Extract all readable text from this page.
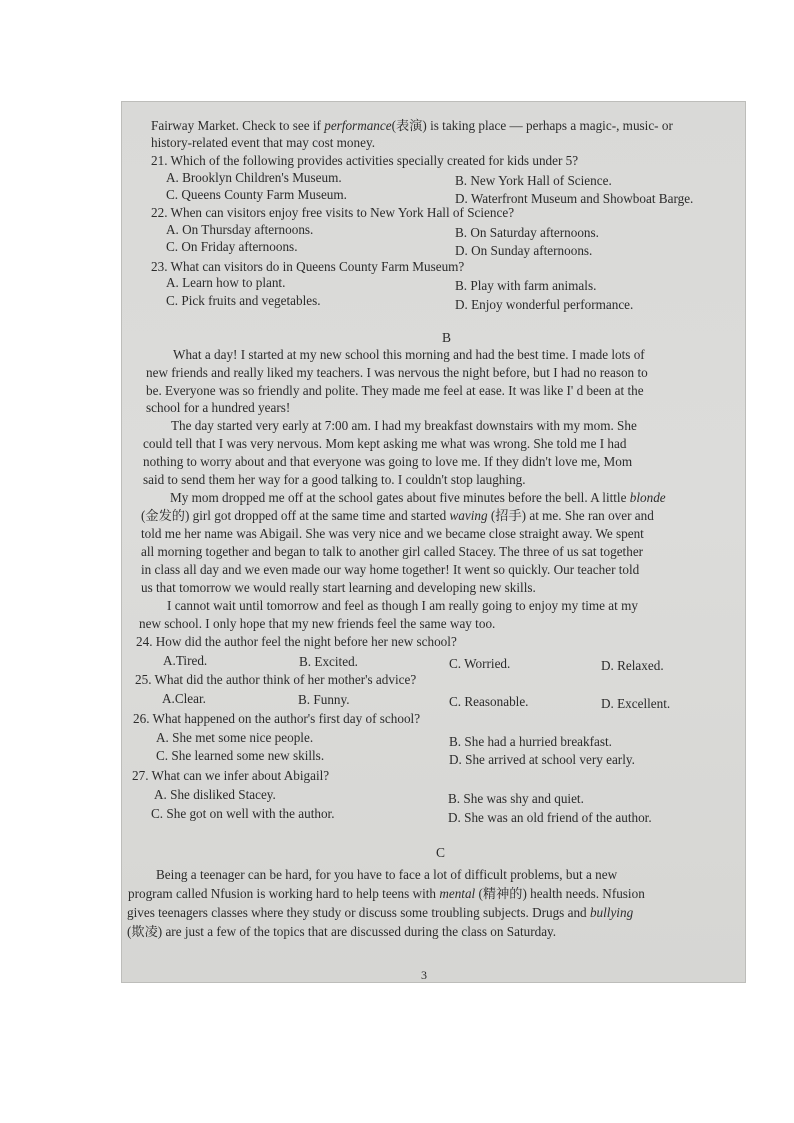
Fairway Market. Check to see if performance(表演) is taking place — perhaps a magic-, music- or
history-related event that may cost money.
21. Which of the following provides activities specially created for kids under 5?
A. Brooklyn Children's Museum.	B. New York Hall of Science.
C. Queens County Farm Museum.	D. Waterfront Museum and Showboat Barge.
22. When can visitors enjoy free visits to New York Hall of Science?
A. On Thursday afternoons.	B. On Saturday afternoons.
C. On Friday afternoons.	D. On Sunday afternoons.
23. What can visitors do in Queens County Farm Museum?
A. Learn how to plant.	B. Play with farm animals.
C. Pick fruits and vegetables.	D. Enjoy wonderful performance.
B
What a day! I started at my new school this morning and had the best time. I made lots of
new friends and really liked my teachers. I was nervous the night before, but I had no reason to
be. Everyone was so friendly and polite. They made me feel at ease. It was like I' d been at the
school for a hundred years!
The day started very early at 7:00 am. I had my breakfast downstairs with my mom. She
could tell that I was very nervous. Mom kept asking me what was wrong. She told me I had
nothing to worry about and that everyone was going to love me. If they didn't love me, Mom
said to send them her way for a good talking to. I couldn't stop laughing.
My mom dropped me off at the school gates about five minutes before the bell. A little blonde
(金发的) girl got dropped off at the same time and started waving (招手) at me. She ran over and
told me her name was Abigail. She was very nice and we became close straight away. We spent
all morning together and began to talk to another girl called Stacey. The three of us sat together
in class all day and we even made our way home together! It went so quickly. Our teacher told
us that tomorrow we would really start learning and developing new skills.
I cannot wait until tomorrow and feel as though I am really going to enjoy my time at my
new school. I only hope that my new friends feel the same way too.
24. How did the author feel the night before her new school?
A.Tired.	B. Excited.	C. Worried.	D. Relaxed.
25. What did the author think of her mother's advice?
A.Clear.	B. Funny.	C. Reasonable.	D. Excellent.
26. What happened on the author's first day of school?
A. She met some nice people.	B. She had a hurried breakfast.
C. She learned some new skills.	D. She arrived at school very early.
27. What can we infer about Abigail?
A. She disliked Stacey.	B. She was shy and quiet.
C. She got on well with the author.	D. She was an old friend of the author.
C
Being a teenager can be hard, for you have to face a lot of difficult problems, but a new
program called Nfusion is working hard to help teens with mental (精神的) health needs. Nfusion
gives teenagers classes where they study or discuss some troubling subjects. Drugs and bullying
(欺凌) are just a few of the topics that are discussed during the class on Saturday.
3
